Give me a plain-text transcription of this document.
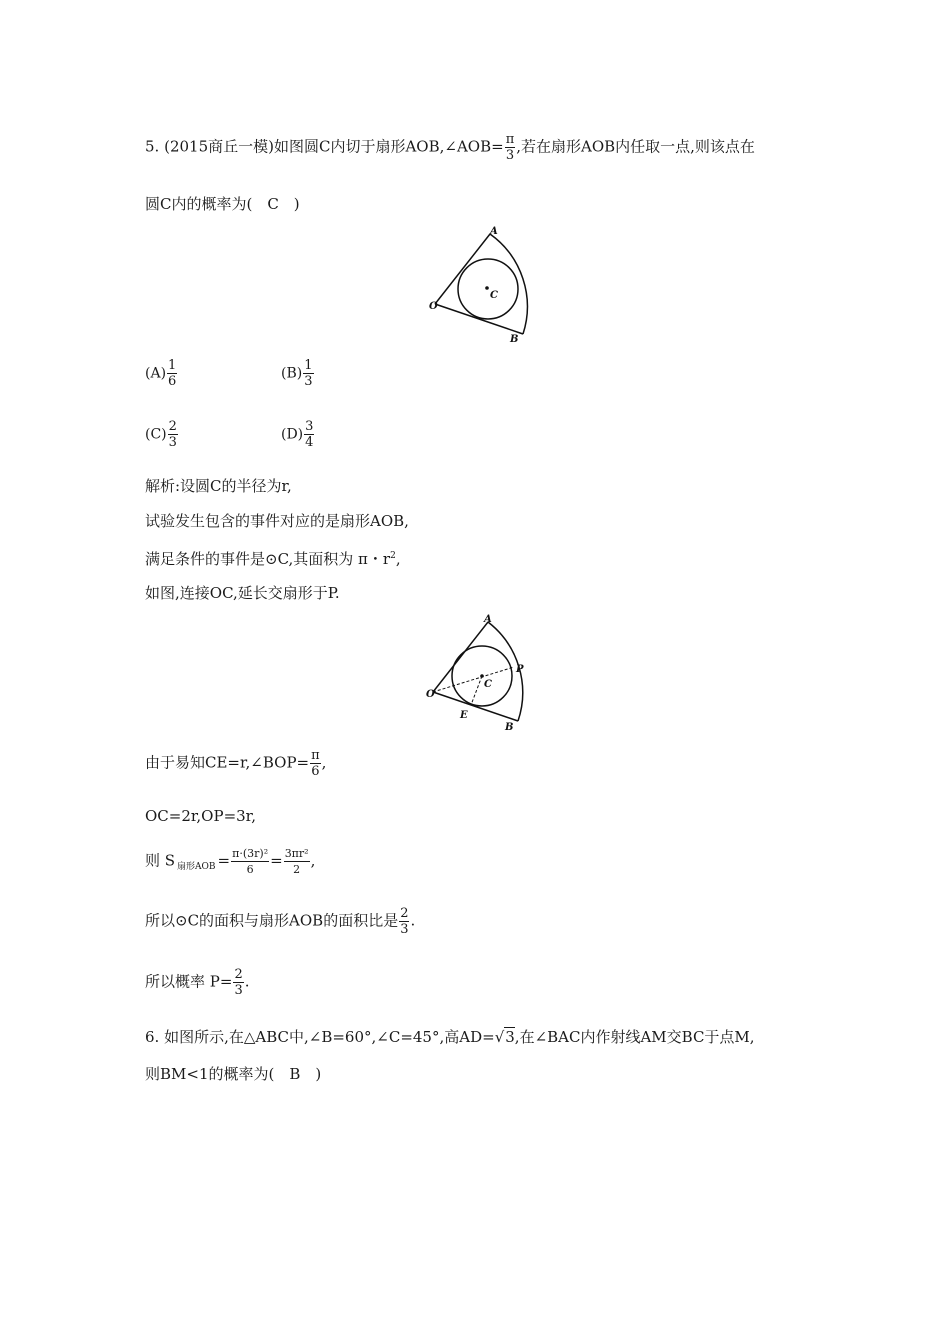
5. (2015商丘一模)如图圆C内切于扇形AOB,∠AOB= $\frac{\pi}{3}$ ,若在扇形AOB内任取一点,则该点在
圆C内的概率为(　C　)
A
O
B
C
$(A) \frac{1}{6}$	$(B) \frac{1}{3}$
$(C) \frac{2}{3}$	$(D) \frac{3}{4}$
解析:设圆C的半径为r,
试验发生包含的事件对应的是扇形AOB,
满足条件的事件是⊙C,其面积为 π・$r^2$,
如图,连接OC,延长交扇形于P.
A
O
B
C
P
E
由于易知CE=r,∠BOP= $\frac{\pi}{6}$ ,
OC=2r,OP=3r,
则 S $_{扇形AOB} = \frac{\text{π·(3r)²}}{6} = \frac{\text{3πr²}}{2}$ ,
所以⊙C的面积与扇形AOB的面积比是 $\frac{2}{3}$ .
所以概率 $P= \frac{2}{3}$ .
6. 如图所示,在△ABC中,∠B=60°,∠C=45°,高AD=√3,在∠BAC内作射线AM交BC于点M,
则BM<1的概率为(　B　)
